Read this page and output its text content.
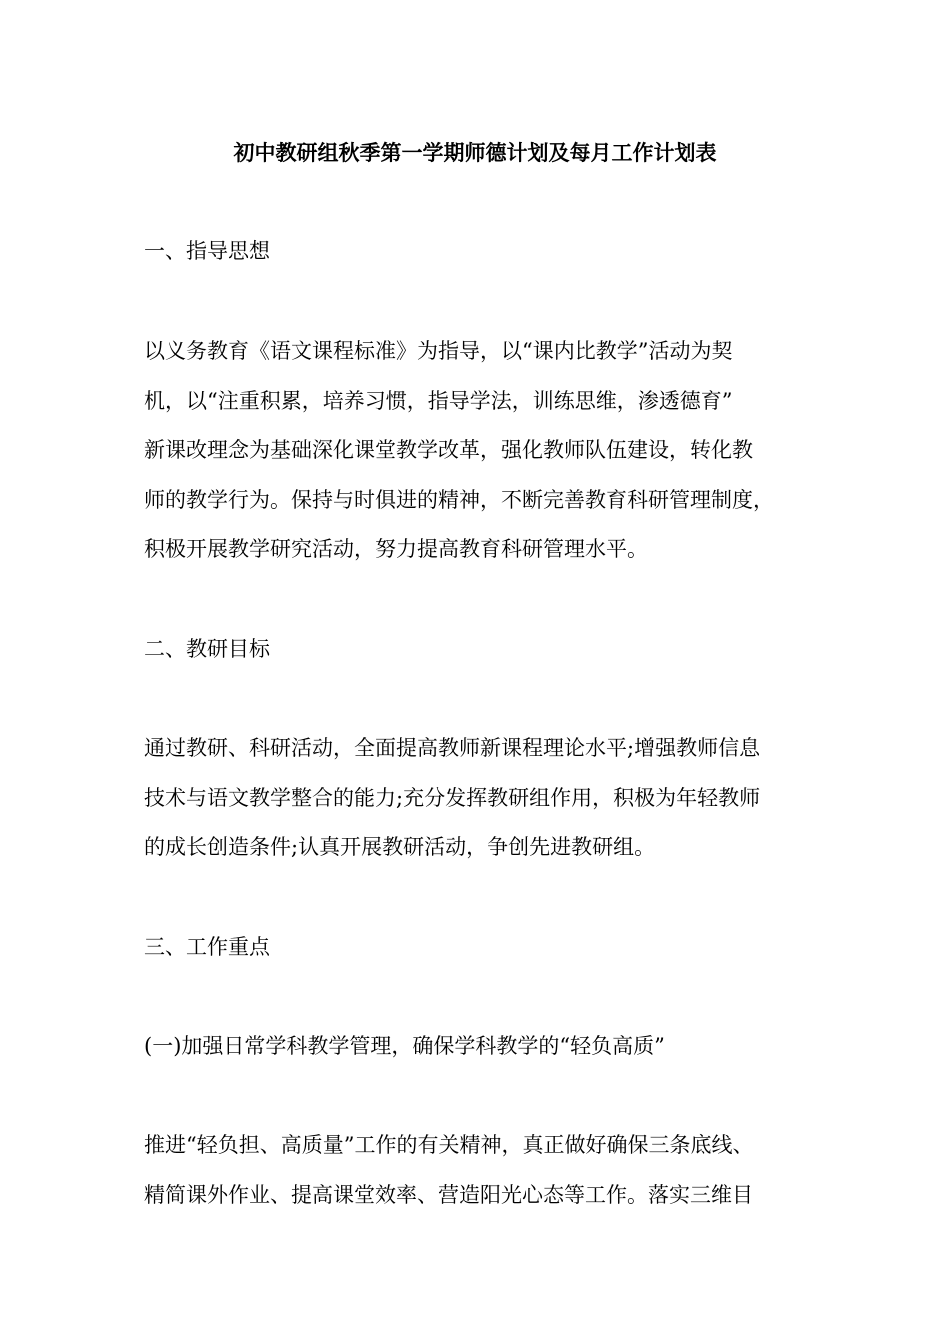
初中教研组秋季第一学期师德计划及每月工作计划表
一、指导思想
以义务教育《语文课程标准》为指导，以“课内比教学”活动为契
机，以“注重积累，培养习惯，指导学法，训练思维，渗透德育”
新课改理念为基础深化课堂教学改革，强化教师队伍建设，转化教
师的教学行为。保持与时俱进的精神，不断完善教育科研管理制度，
积极开展教学研究活动，努力提高教育科研管理水平。
二、教研目标
通过教研、科研活动，全面提高教师新课程理论水平;增强教师信息
技术与语文教学整合的能力;充分发挥教研组作用，积极为年轻教师
的成长创造条件;认真开展教研活动，争创先进教研组。
三、工作重点
(一)加强日常学科教学管理，确保学科教学的“轻负高质”
推进“轻负担、高质量”工作的有关精神，真正做好确保三条底线、
精简课外作业、提高课堂效率、营造阳光心态等工作。落实三维目
